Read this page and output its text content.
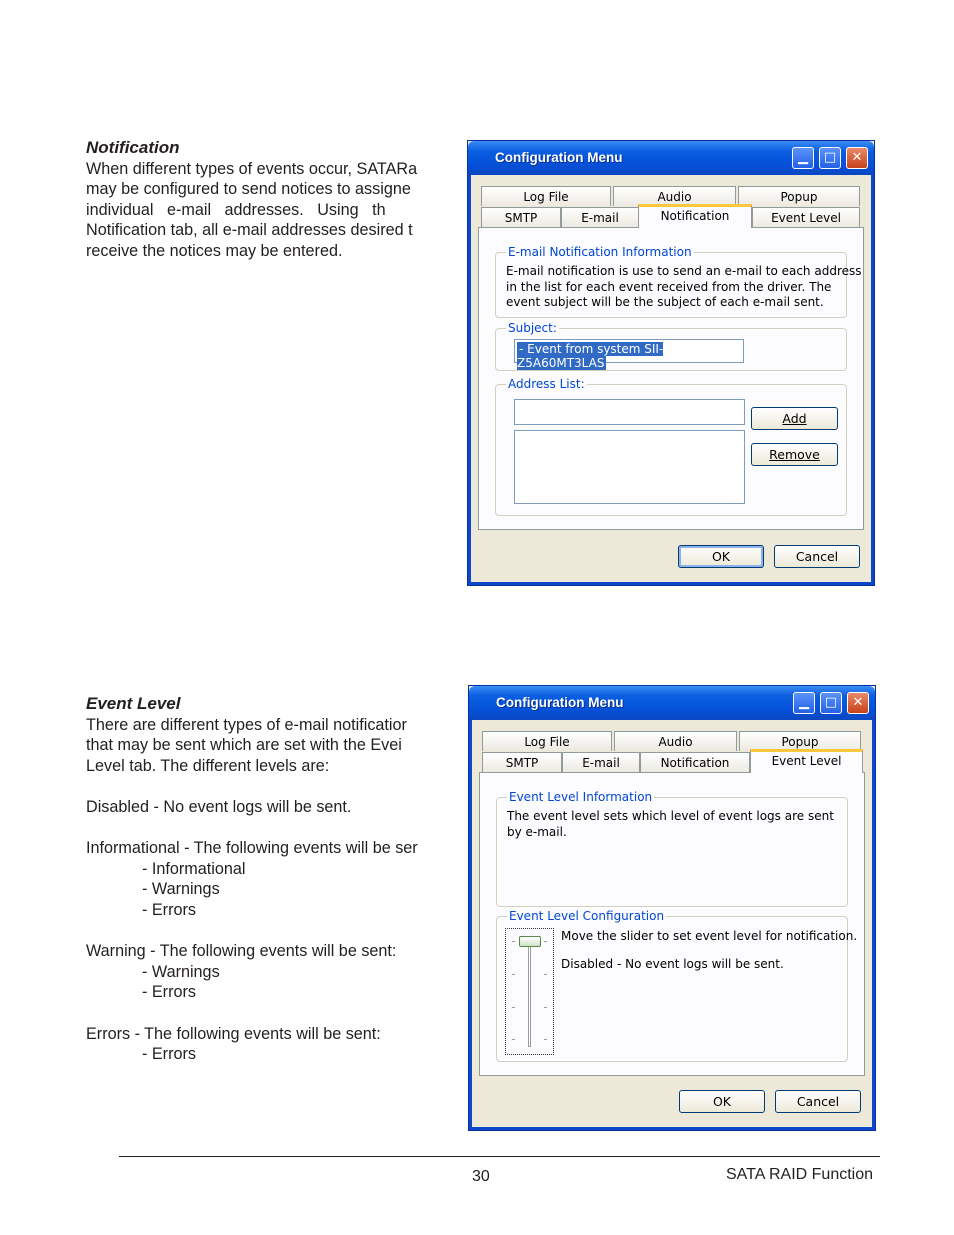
Notification
When different types of events occur, SATARa
may be configured to send notices to assigne
individual   e-mail   addresses.   Using   th
Notification tab, all e-mail addresses desired t
receive the notices may be entered.
Configuration Menu	▁	□	✕
Log File	Audio	Popup
SMTP	E-mail	Notification	Event Level
E-mail Notification Information
E-mail notification is use to send an e-mail to each address
in the list for each event received from the driver. The
event subject will be the subject of each e-mail sent.
Subject:
- Event from system SII-Z5A60MT3LAS
Address List:
Add
Remove
OK	Cancel
Event Level
There are different types of e-mail notificatior
that may be sent which are set with the Evei
Level tab. The different levels are:
Disabled - No event logs will be sent.
Informational - The following events will be ser
- Informational
- Warnings
- Errors
Warning - The following events will be sent:
- Warnings
- Errors
Errors - The following events will be sent:
- Errors
Configuration Menu	▁	□	✕
Log File	Audio	Popup
SMTP	E-mail	Notification	Event Level
Event Level Information
The event level sets which level of event logs are sent
by e-mail.
Event Level Configuration
Move the slider to set event level for notification.
Disabled - No event logs will be sent.
OK	Cancel
30	SATA RAID Function
